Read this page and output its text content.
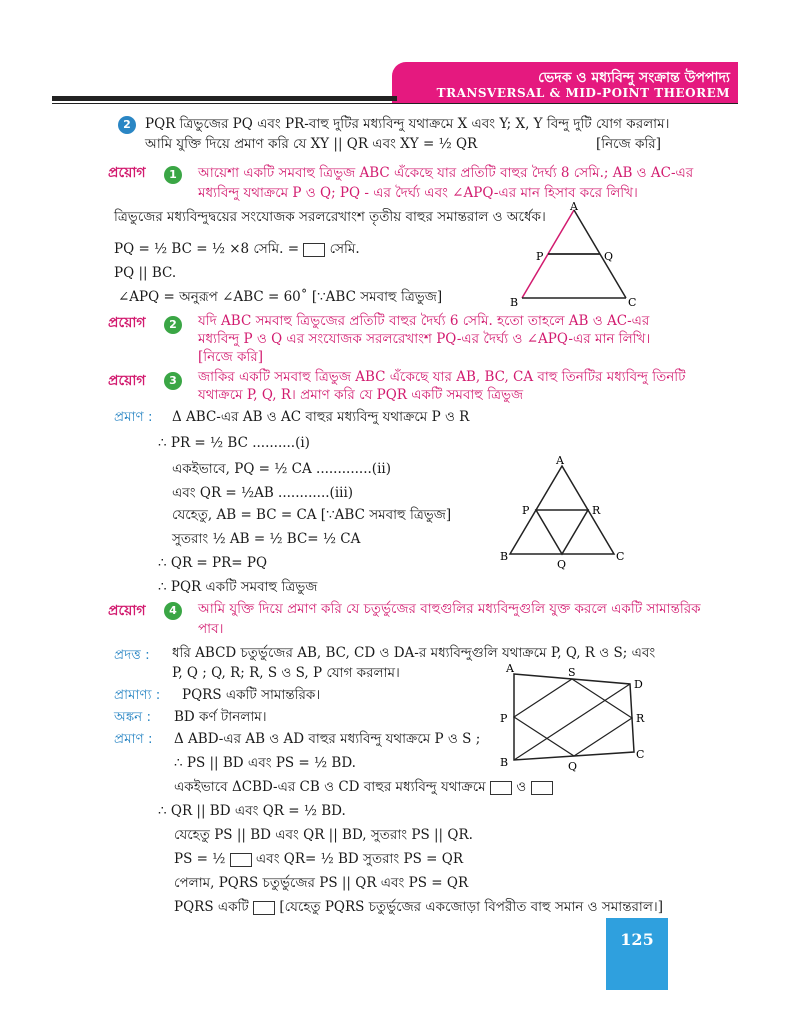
ভেদক ও মধ্যবিন্দু সংক্রান্ত উপপাদ্য
TRANSVERSAL & MID-POINT THEOREM
2	PQR ত্রিভুজের PQ এবং PR-বাহু দুটির মধ্যবিন্দু যথাক্রমে X এবং Y; X, Y বিন্দু দুটি যোগ করলাম।
আমি যুক্তি দিয়ে প্রমাণ করি যে XY || QR এবং XY = ½ QR	[নিজে করি]
প্রয়োগ	1	আয়েশা একটি সমবাহু ত্রিভুজ ABC এঁকেছে যার প্রতিটি বাহুর দৈর্ঘ্য 8 সেমি.; AB ও AC-এর
মধ্যবিন্দু যথাক্রমে P ও Q; PQ - এর দৈর্ঘ্য এবং ∠APQ-এর মান হিসাব করে লিখি।
ত্রিভুজের মধ্যবিন্দুদ্বয়ের সংযোজক সরলরেখাংশ তৃতীয় বাহুর সমান্তরাল ও অর্ধেক।
PQ = ½ BC = ½ ×8 সেমি. = সেমি.
PQ || BC.
∠APQ = অনুরূপ ∠ABC = 60˚ [∵ABC সমবাহু ত্রিভুজ]
A
B	C
P	Q
প্রয়োগ	2	যদি ABC সমবাহু ত্রিভুজের প্রতিটি বাহুর দৈর্ঘ্য 6 সেমি. হতো তাহলে AB ও AC-এর
মধ্যবিন্দু P ও Q এর সংযোজক সরলরেখাংশ PQ-এর দৈর্ঘ্য ও ∠APQ-এর মান লিখি।
[নিজে করি]
প্রয়োগ	3	জাকির একটি সমবাহু ত্রিভুজ ABC এঁকেছে যার AB, BC, CA বাহু তিনটির মধ্যবিন্দু তিনটি
যথাক্রমে P, Q, R। প্রমাণ করি যে PQR একটি সমবাহু ত্রিভুজ
প্রমাণ : Δ ABC-এর AB ও AC বাহুর মধ্যবিন্দু যথাক্রমে P ও R
∴ PR = ½ BC ..........(i)
একইভাবে, PQ = ½ CA .............(ii)
এবং QR = ½AB ............(iii)
যেহেতু, AB = BC = CA [∵ABC সমবাহু ত্রিভুজ]
সুতরাং ½ AB = ½ BC= ½ CA
∴ QR = PR= PQ
∴ PQR একটি সমবাহু ত্রিভুজ
A
B	C
P	R
Q
প্রয়োগ	4	আমি যুক্তি দিয়ে প্রমাণ করি যে চতুর্ভুজের বাহুগুলির মধ্যবিন্দুগুলি যুক্ত করলে একটি সামান্তরিক
পাব।
প্রদত্ত : ধরি ABCD চতুর্ভুজের AB, BC, CD ও DA-র মধ্যবিন্দুগুলি যথাক্রমে P, Q, R ও S; এবং
P, Q ; Q, R; R, S ও S, P যোগ করলাম।
প্রামাণ্য : PQRS একটি সামান্তরিক।
অঙ্কন : BD কর্ণ টানলাম।
প্রমাণ : Δ ABD-এর AB ও AD বাহুর মধ্যবিন্দু যথাক্রমে P ও S ;
∴ PS || BD এবং PS = ½ BD.
একইভাবে ΔCBD-এর CB ও CD বাহুর মধ্যবিন্দু যথাক্রমে ও
∴ QR || BD এবং QR = ½ BD.
যেহেতু PS || BD এবং QR || BD, সুতরাং PS || QR.
PS = ½ এবং QR= ½ BD সুতরাং PS = QR
পেলাম, PQRS চতুর্ভুজের PS || QR এবং PS = QR
PQRS একটি [যেহেতু PQRS চতুর্ভুজের একজোড়া বিপরীত বাহু সমান ও সমান্তরাল।]
A
B
C
D
P
Q
R
S
125
